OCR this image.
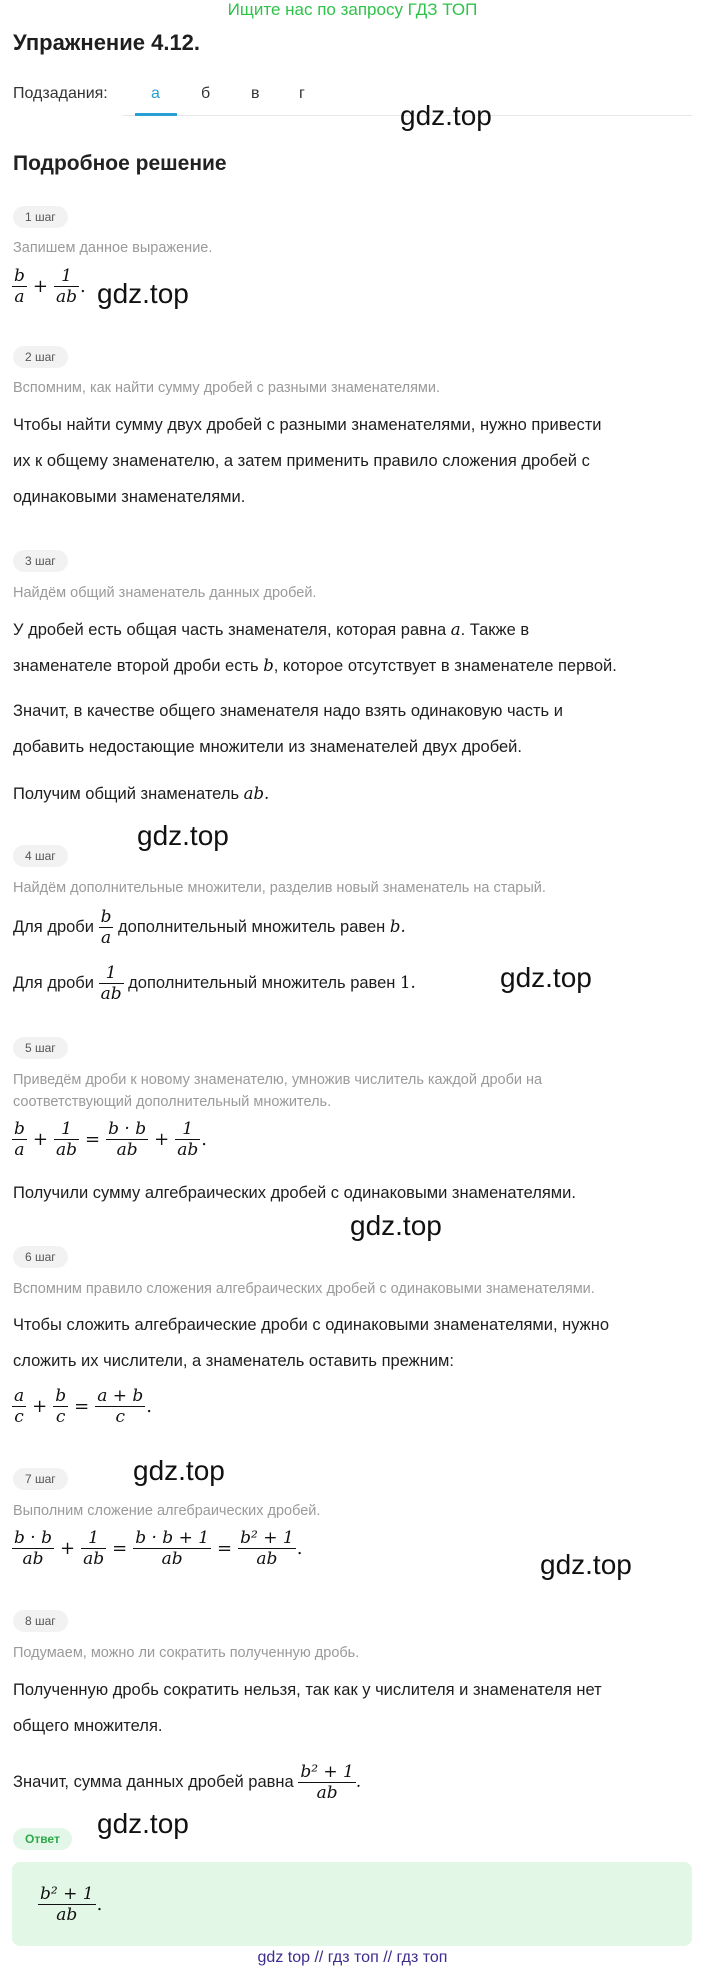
Ищите нас по запросу ГДЗ ТОП
Упражнение 4.12.
Подзадания:	а	б	в г
gdz.top
Подробное решение
1 шаг
Запишем данное выражение.
$\frac{b}{a} + \frac{1}{ab}$ . gdz.top
2 шаг
Вспомним, как найти сумму дробей с разными знаменателями.
Чтобы найти сумму двух дробей с разными знаменателями, нужно привести
их к общему знаменателю, а затем применить правило сложения дробей с
одинаковыми знаменателями.
3 шаг
Найдём общий знаменатель данных дробей.
У дробей есть общая часть знаменателя, которая равна a. Также в
знаменателе второй дроби есть b, которое отсутствует в знаменателе первой.
Значит, в качестве общего знаменателя надо взять одинаковую часть и
добавить недостающие множители из знаменателей двух дробей.
Получим общий знаменатель ab.
gdz.top
4 шаг
Найдём дополнительные множители, разделив новый знаменатель на старый.
Для дроби $\frac{b}{a}$ дополнительный множитель равен b.
Для дроби $\frac{1}{ab}$ дополнительный множитель равен 1.	gdz.top
5 шаг
Приведём дроби к новому знаменателю, умножив числитель каждой дроби на
соответствующий дополнительный множитель.
$\frac{b}{a} + \frac{1}{ab} = \frac{b \cdot b}{ab} + \frac{1}{ab}$ .
Получили сумму алгебраических дробей с одинаковыми знаменателями.
gdz.top
6 шаг
Вспомним правило сложения алгебраических дробей с одинаковыми знаменателями.
Чтобы сложить алгебраические дроби с одинаковыми знаменателями, нужно
сложить их числители, а знаменатель оставить прежним:
$\frac{a}{c} + \frac{b}{c} = \frac{a + b}{c}$ .
gdz.top
7 шаг
Выполним сложение алгебраических дробей.
$\frac{b \cdot b}{ab} + \frac{1}{ab} = \frac{b \cdot b + 1}{ab} = \frac{\text{b² + 1}}{ab}$ .
gdz.top
8 шаг
Подумаем, можно ли сократить полученную дробь.
Полученную дробь сократить нельзя, так как у числителя и знаменателя нет
общего множителя.
Значит, сумма данных дробей равна $\frac{\text{b² + 1}}{ab}$ .
gdz.top
Ответ
$\frac{\text{b² + 1}}{ab}$ .
gdz top // гдз топ // гдз топ
